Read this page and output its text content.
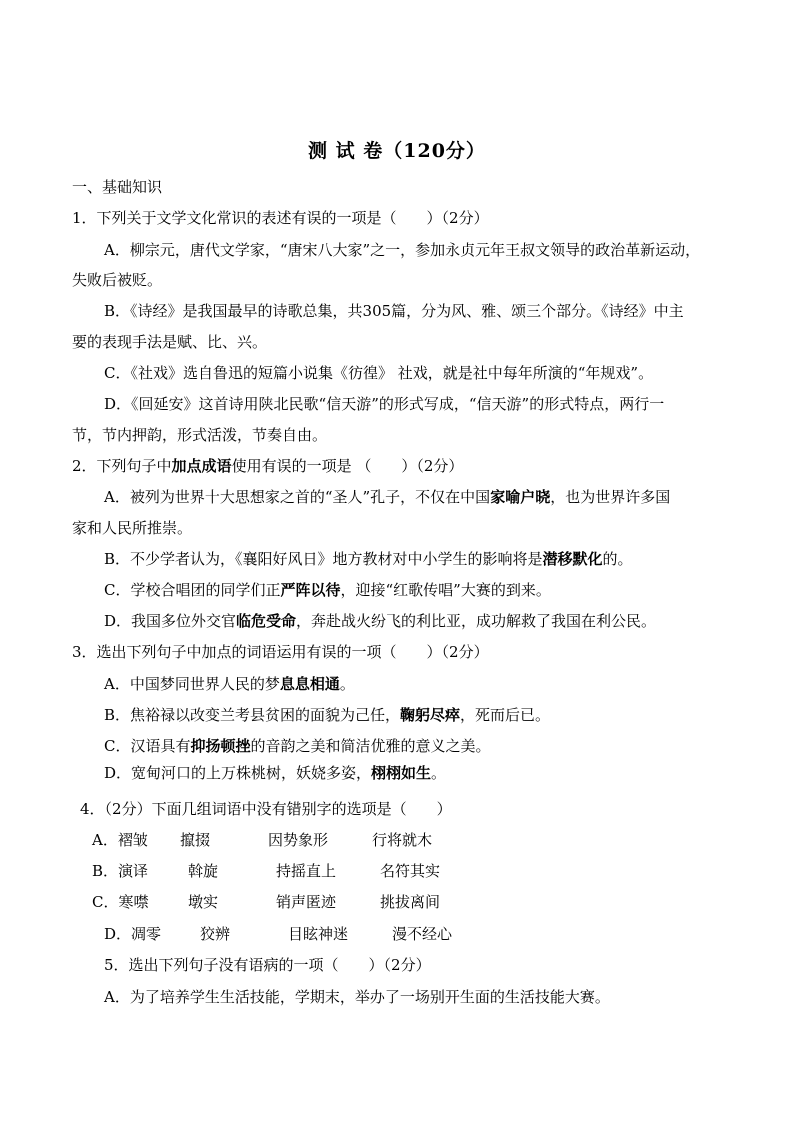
测 试 卷（120分）
一、基础知识
1．下列关于文学文化常识的表述有误的一项是（　　）（2分）
A．柳宗元，唐代文学家，“唐宋八大家”之一，参加永贞元年王叔文领导的政治革新运动，
失败后被贬。
B．《诗经》是我国最早的诗歌总集，共305篇，分为风、雅、颂三个部分。《诗经》中主
要的表现手法是赋、比、兴。
C．《社戏》选自鲁迅的短篇小说集《彷徨》 社戏，就是社中每年所演的“年规戏”。
D．《回延安》这首诗用陕北民歌“信天游”的形式写成，“信天游”的形式特点，两行一
节，节内押韵，形式活泼，节奏自由。
2．下列句子中加点成语使用有误的一项是 （　　）（2分）
A．被列为世界十大思想家之首的“圣人”孔子，不仅在中国家喻户晓，也为世界许多国
家和人民所推崇。
B．不少学者认为，《襄阳好风日》地方教材对中小学生的影响将是潜移默化的。
C．学校合唱团的同学们正严阵以待，迎接“红歌传唱”大赛的到来。
D．我国多位外交官临危受命，奔赴战火纷飞的利比亚，成功解救了我国在利公民。
3．选出下列句子中加点的词语运用有误的一项（　　）（2分）
A．中国梦同世界人民的梦息息相通。
B．焦裕禄以改变兰考县贫困的面貌为己任，鞠躬尽瘁，死而后已。
C．汉语具有抑扬顿挫的音韵之美和简洁优雅的意义之美。
D．宽甸河口的上万株桃树，妖娆多姿，栩栩如生。
4．（2分）下面几组词语中没有错别字的选项是（　　）
A．褶皱 攛掇	因势象形	行将就木
B．演译	斡旋	持摇直上	名符其实
C．寒噤	墩实	销声匿迹	挑拔离间
D．凋零	狡辨	目眩神迷	漫不经心
5．选出下列句子没有语病的一项（　　）（2分）
A．为了培养学生生活技能，学期末，举办了一场别开生面的生活技能大赛。
